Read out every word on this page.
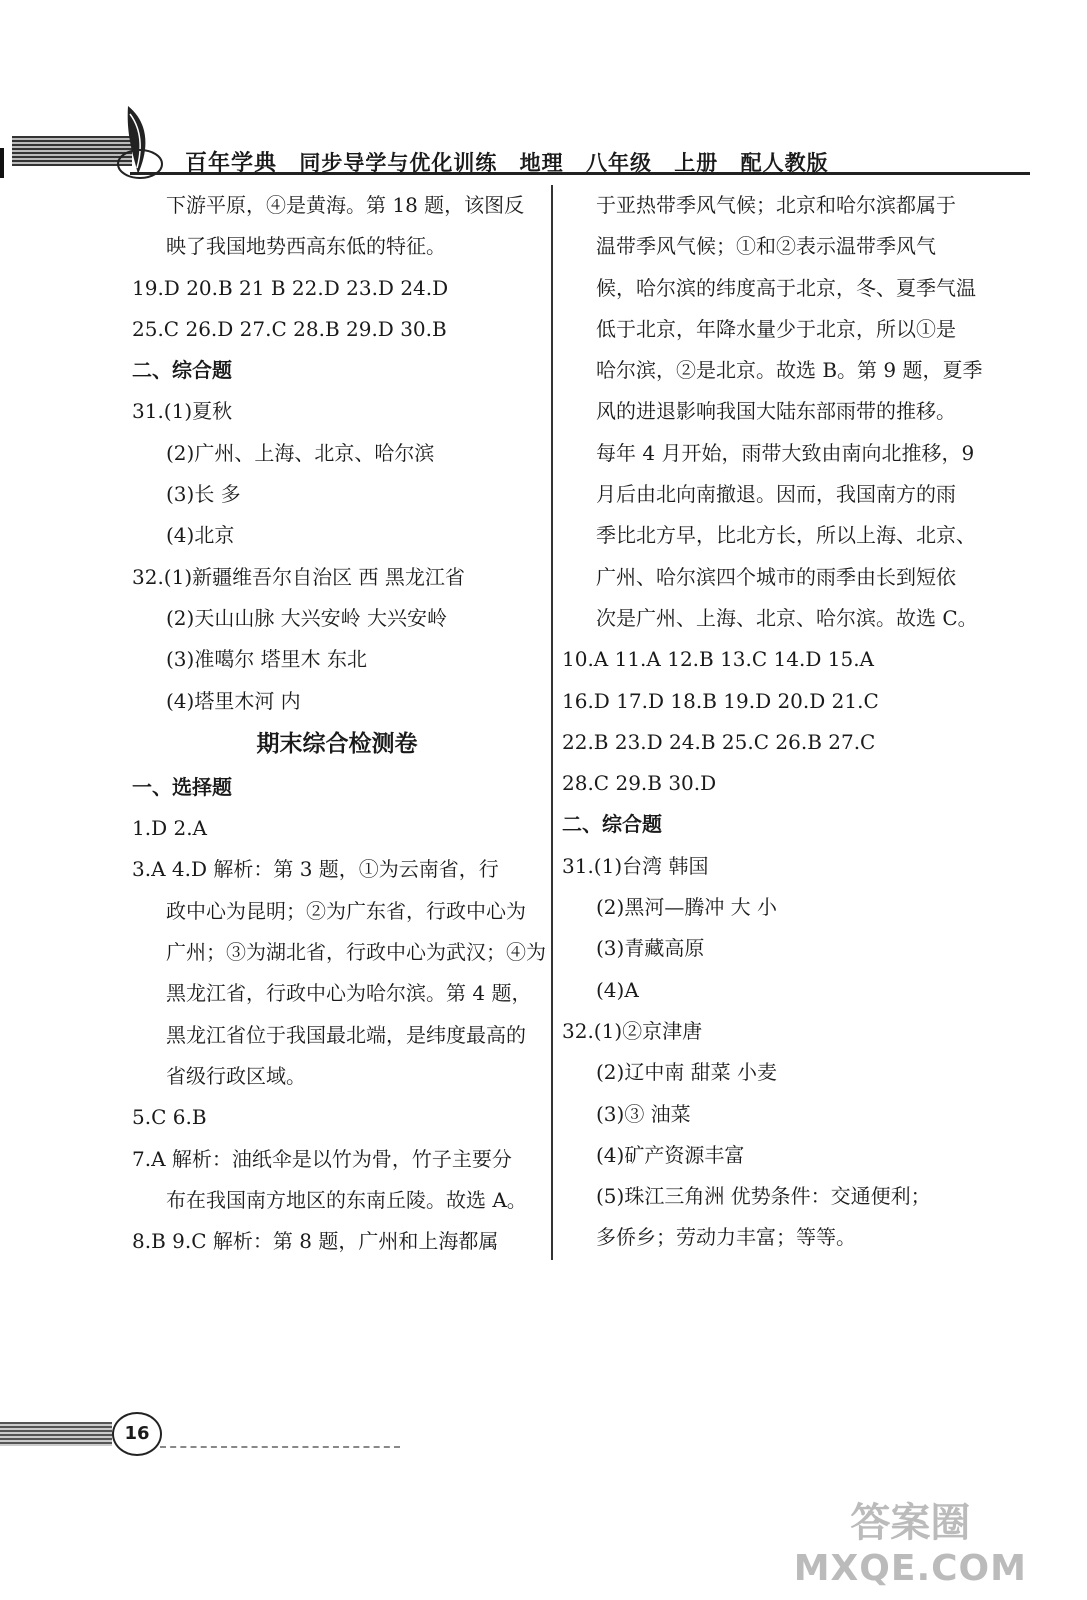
百年学典 同步导学与优化训练 地理 八年级 上册 配人教版
下游平原，④是黄海。第 18 题，该图反
映了我国地势西高东低的特征。
19.D 20.B 21 B 22.D 23.D 24.D
25.C 26.D 27.C 28.B 29.D 30.B
二、综合题
31.(1)夏秋
(2)广州、上海、北京、哈尔滨
(3)长 多
(4)北京
32.(1)新疆维吾尔自治区 西 黑龙江省
(2)天山山脉 大兴安岭 大兴安岭
(3)准噶尔 塔里木 东北
(4)塔里木河 内
期末综合检测卷
一、选择题
1.D 2.A
3.A 4.D 解析：第 3 题，①为云南省，行
政中心为昆明；②为广东省，行政中心为
广州；③为湖北省，行政中心为武汉；④为
黑龙江省，行政中心为哈尔滨。第 4 题，
黑龙江省位于我国最北端，是纬度最高的
省级行政区域。
5.C 6.B
7.A 解析：油纸伞是以竹为骨，竹子主要分
布在我国南方地区的东南丘陵。故选 A。
8.B 9.C 解析：第 8 题，广州和上海都属
于亚热带季风气候；北京和哈尔滨都属于
温带季风气候；①和②表示温带季风气
候，哈尔滨的纬度高于北京，冬、夏季气温
低于北京，年降水量少于北京，所以①是
哈尔滨，②是北京。故选 B。第 9 题，夏季
风的进退影响我国大陆东部雨带的推移。
每年 4 月开始，雨带大致由南向北推移，9
月后由北向南撤退。因而，我国南方的雨
季比北方早，比北方长，所以上海、北京、
广州、哈尔滨四个城市的雨季由长到短依
次是广州、上海、北京、哈尔滨。故选 C。
10.A 11.A 12.B 13.C 14.D 15.A
16.D 17.D 18.B 19.D 20.D 21.C
22.B 23.D 24.B 25.C 26.B 27.C
28.C 29.B 30.D
二、综合题
31.(1)台湾 韩国
(2)黑河—腾冲 大 小
(3)青藏高原
(4)A
32.(1)②京津唐
(2)辽中南 甜菜 小麦
(3)③ 油菜
(4)矿产资源丰富
(5)珠江三角洲 优势条件：交通便利；
多侨乡；劳动力丰富；等等。
16
答案圈
MXQE.COM
